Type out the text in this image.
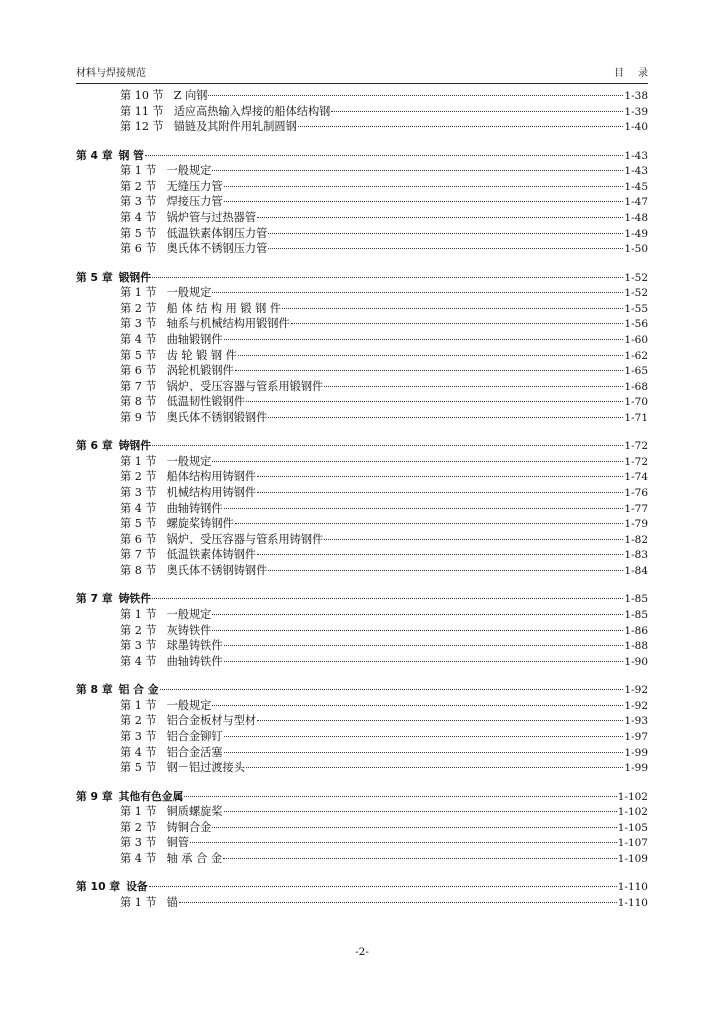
材料与焊接规范	目录
第 10 节 Z 向钢	1-38
第 11 节 适应高热输入焊接的船体结构钢	1-39
第 12 节 锚链及其附件用轧制圆钢	1-40
第 4 章 钢 管	1-43
第 1 节 一般规定	1-43
第 2 节 无缝压力管	1-45
第 3 节 焊接压力管	1-47
第 4 节 锅炉管与过热器管	1-48
第 5 节 低温铁素体钢压力管	1-49
第 6 节 奥氏体不锈钢压力管	1-50
第 5 章 锻钢件	1-52
第 1 节 一般规定	1-52
第 2 节 船 体 结 构 用 锻 钢 件	1-55
第 3 节 轴系与机械结构用锻钢件	1-56
第 4 节 曲轴锻钢件	1-60
第 5 节 齿 轮 锻 钢 件	1-62
第 6 节 涡轮机锻钢件	1-65
第 7 节 锅炉、受压容器与管系用锻钢件	1-68
第 8 节 低温韧性锻钢件	1-70
第 9 节 奥氏体不锈钢锻钢件	1-71
第 6 章 铸钢件	1-72
第 1 节 一般规定	1-72
第 2 节 船体结构用铸钢件	1-74
第 3 节 机械结构用铸钢件	1-76
第 4 节 曲轴铸钢件	1-77
第 5 节 螺旋桨铸钢件	1-79
第 6 节 锅炉、受压容器与管系用铸钢件	1-82
第 7 节 低温铁素体铸钢件	1-83
第 8 节 奥氏体不锈钢铸钢件	1-84
第 7 章 铸铁件	1-85
第 1 节 一般规定	1-85
第 2 节 灰铸铁件	1-86
第 3 节 球墨铸铁件	1-88
第 4 节 曲轴铸铁件	1-90
第 8 章 铝 合 金	1-92
第 1 节 一般规定	1-92
第 2 节 铝合金板材与型材	1-93
第 3 节 铝合金铆钉	1-97
第 4 节 铝合金活塞	1-99
第 5 节 钢－铝过渡接头	1-99
第 9 章 其他有色金属	1-102
第 1 节 铜质螺旋桨	1-102
第 2 节 铸铜合金	1-105
第 3 节 铜管	1-107
第 4 节 轴 承 合 金	1-109
第 10 章 设备	1-110
第 1 节 锚	1-110
-2-
